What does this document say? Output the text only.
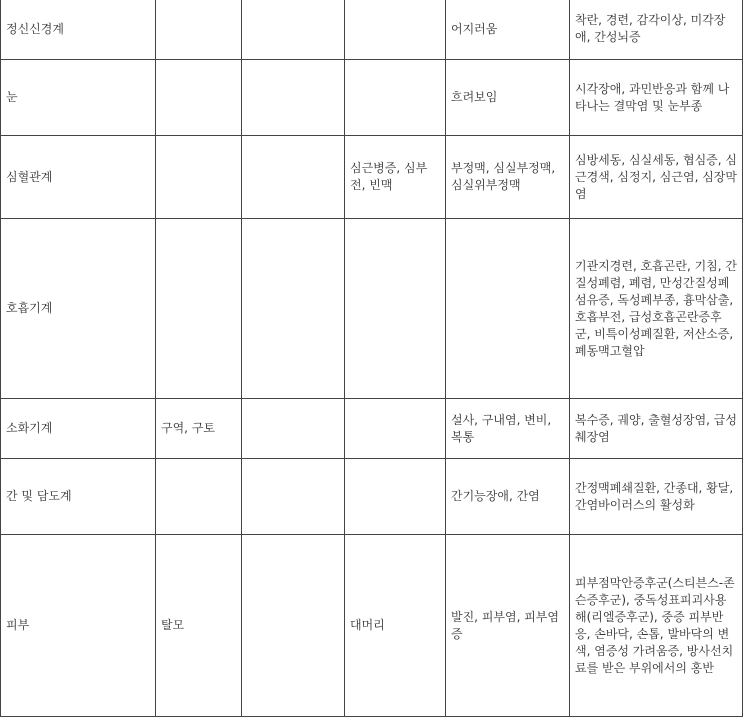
정신신경계				어지러움	착란, 경련, 감각이상, 미각장애, 간성뇌증
눈				흐려보임	시각장애, 과민반응과 함께 나타나는 결막염 및 눈부종
심혈관계			심근병증, 심부전, 빈맥	부정맥, 심실부정맥, 심실위부정맥	심방세동, 심실세동, 협심증, 심근경색, 심정지, 심근염, 심장막염
호흡기계					기관지경련, 호흡곤란, 기침, 간질성폐렴, 폐렴, 만성간질성폐섬유증, 독성폐부종, 흉막삼출, 호흡부전, 급성호흡곤란증후군, 비특이성폐질환, 저산소증, 폐동맥고혈압
소화기계	구역, 구토			설사, 구내염, 변비, 복통	복수증, 궤양, 출혈성장염, 급성췌장염
간 및 담도계				간기능장애, 간염	간정맥폐쇄질환, 간종대, 황달, 간염바이러스의 활성화
피부	탈모		대머리	발진, 피부염, 피부염증	피부점막안증후군(스티븐스-존슨증후군), 중독성표피괴사용해(리엘증후군), 중증 피부반응, 손바닥, 손톱, 발바닥의 변색, 염증성 가려움증, 방사선치료를 받은 부위에서의 홍반
